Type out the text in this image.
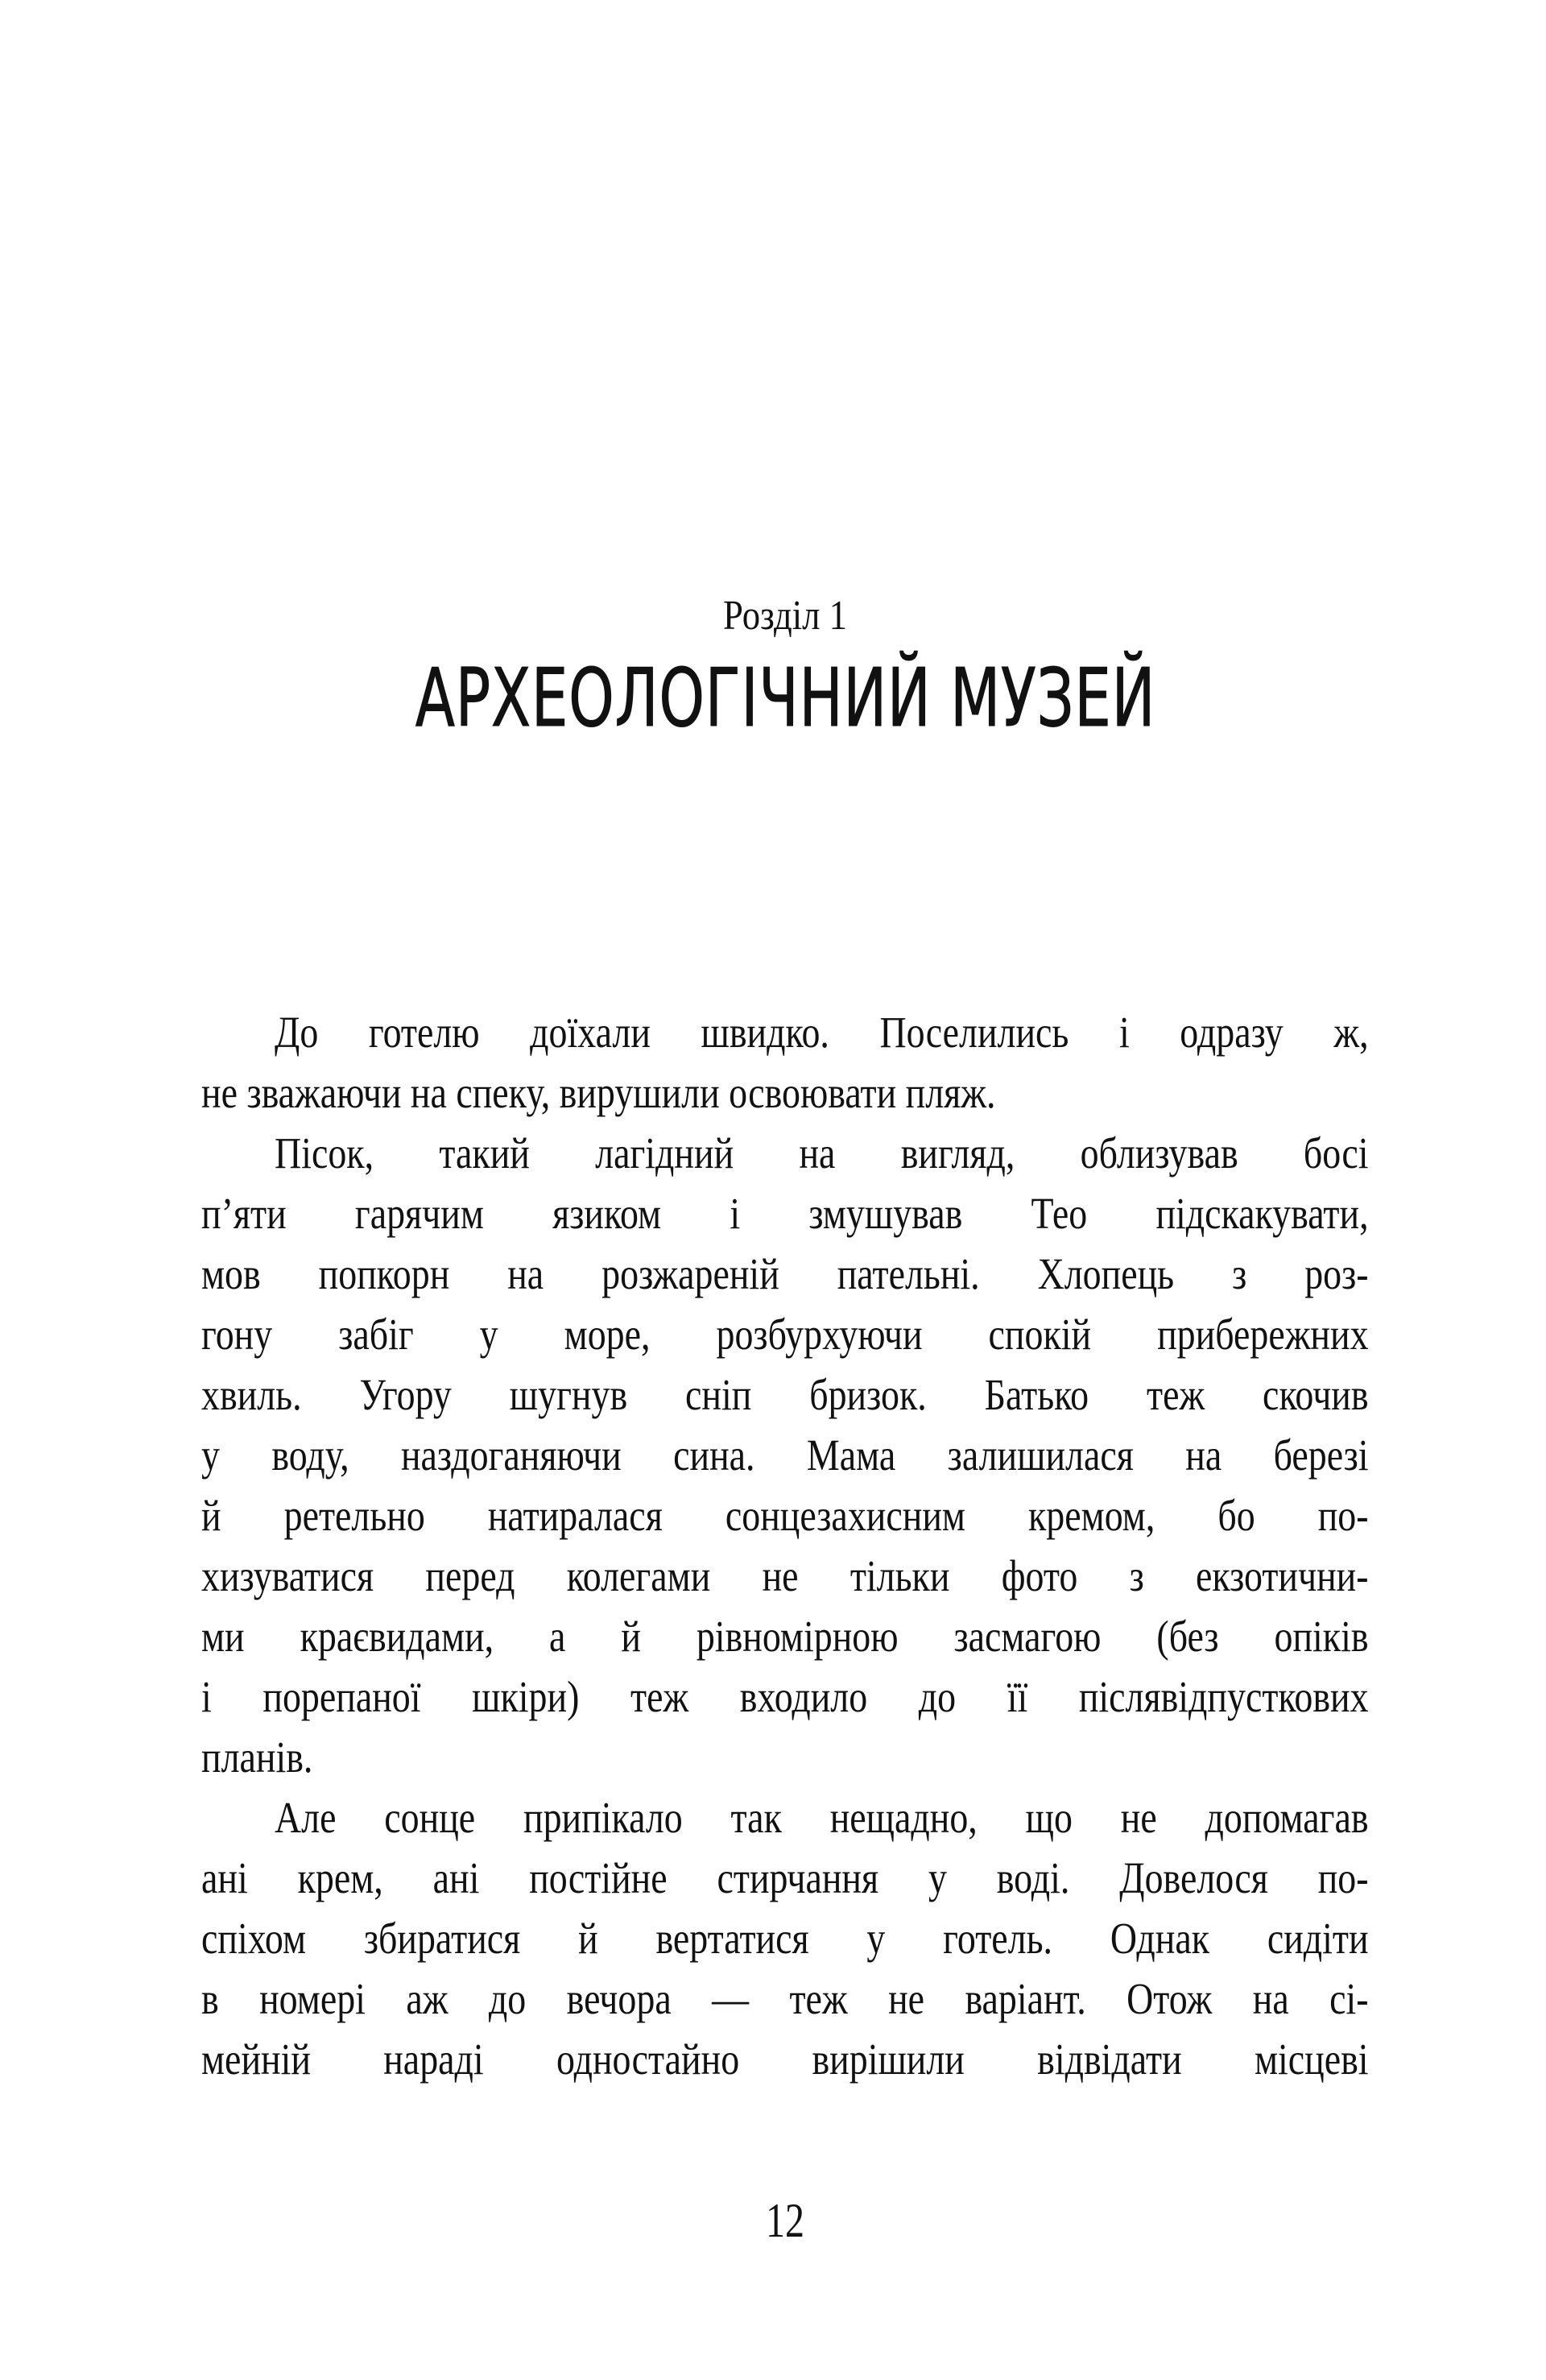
Розділ 1
АРХЕОЛОГІЧНИЙ МУЗЕЙ
До готелю доїхали швидко. Поселились і одразу ж,
не зважаючи на спеку, вирушили освоювати пляж.
Пісок, такий лагідний на вигляд, облизував босі
п’яти гарячим язиком і змушував Тео підскакувати,
мов попкорн на розжареній пательні. Хлопець з роз-
гону забіг у море, розбурхуючи спокій прибережних
хвиль. Угору шугнув сніп бризок. Батько теж скочив
у воду, наздоганяючи сина. Мама залишилася на березі
й ретельно натиралася сонцезахисним кремом, бо по-
хизуватися перед колегами не тільки фото з екзотични-
ми краєвидами, а й рівномірною засмагою (без опіків
і порепаної шкіри) теж входило до її післявідпусткових
планів.
Але сонце припікало так нещадно, що не допомагав
ані крем, ані постійне стирчання у воді. Довелося по-
спіхом збиратися й вертатися у готель. Однак сидіти
в номері аж до вечора — теж не варіант. Отож на сі-
мейній нараді одностайно вирішили відвідати місцеві
12
